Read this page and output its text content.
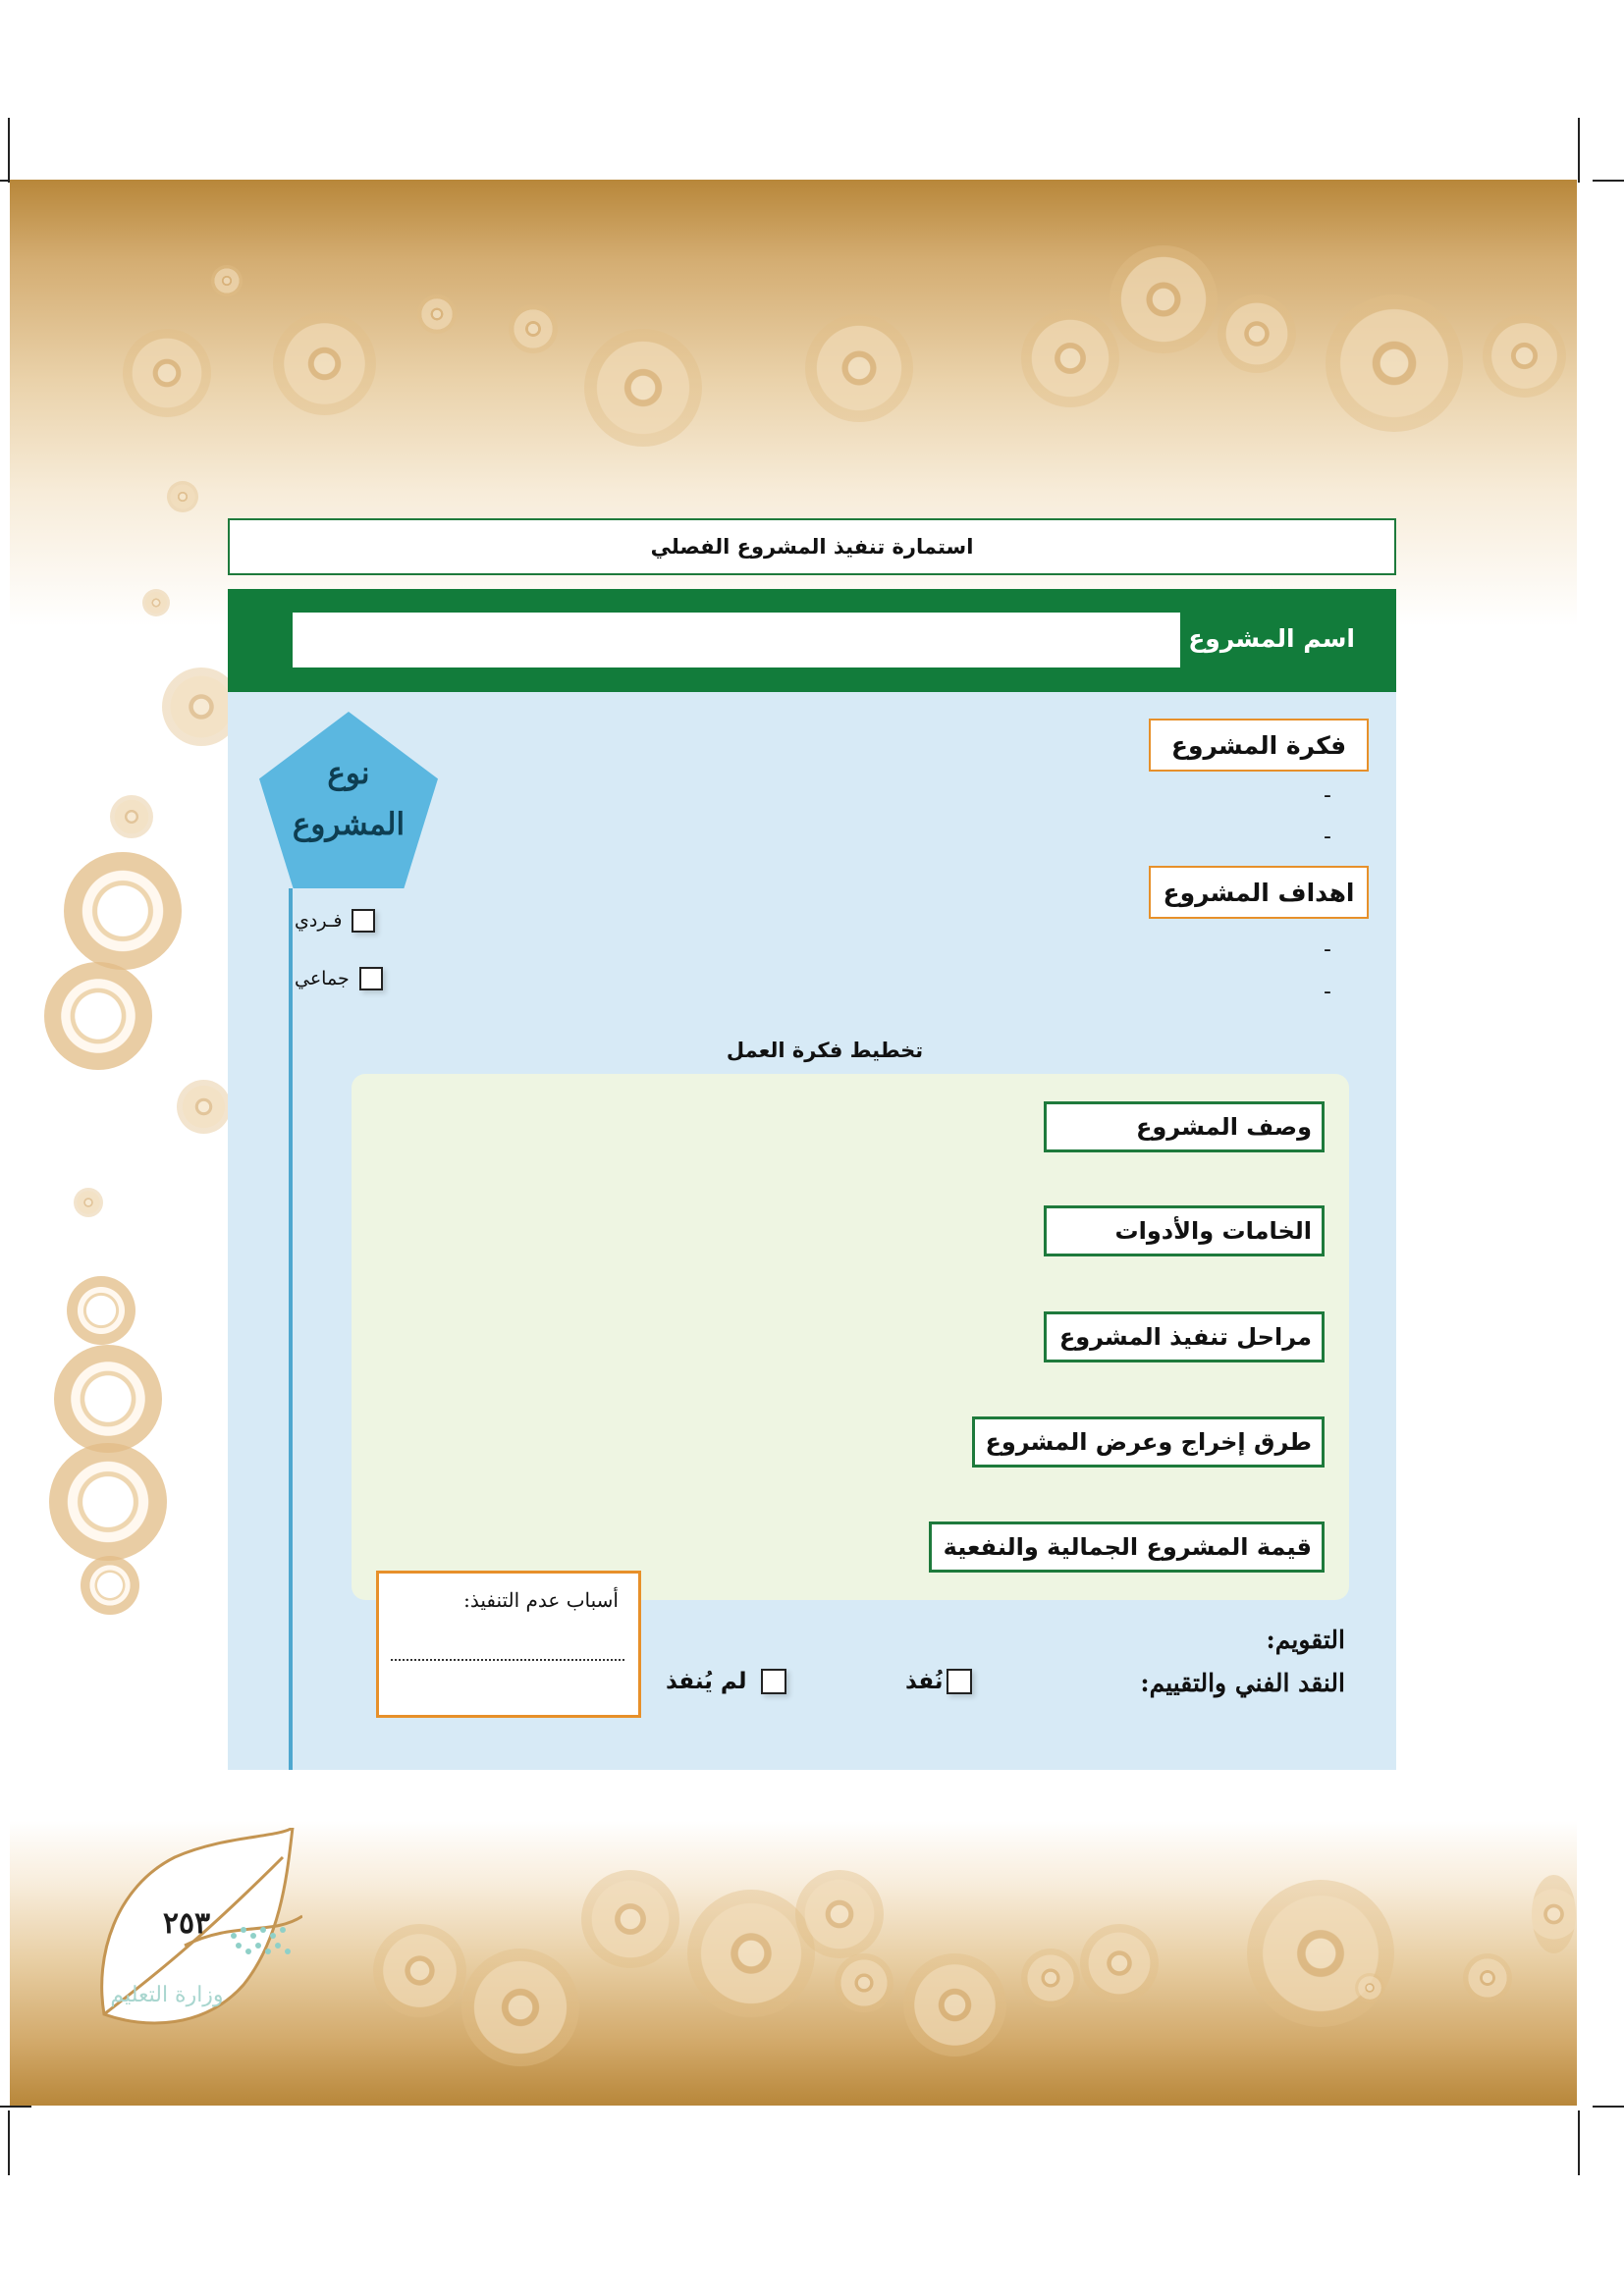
استمارة تنفيذ المشروع الفصلي
اسم المشروع
نوع
المشروع
فـردي
جماعي
فكرة المشروع
-
-
اهداف المشروع
-
-
تخطيط فكرة العمل
وصف المشروع
الخامات والأدوات
مراحل تنفيذ المشروع
طرق إخراج وعرض المشروع
قيمة المشروع الجمالية والنفعية
أسباب عدم التنفيذ:
التقويم:
النقد الفني والتقييم:
نُفذ
لم يُنفذ
٢٥٣
وزارة التعليم
